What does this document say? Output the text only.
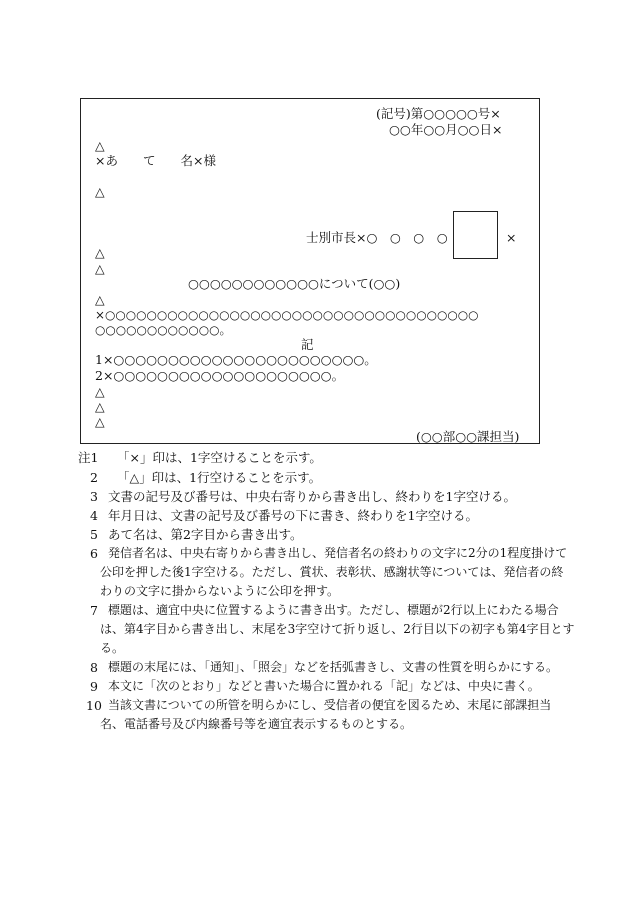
(記号)第○○○○○号×
○○年○○月○○日×
△
×あ　　て　　名×様
△
士別市長×○　○　○　○	×
△
△
○○○○○○○○○○○○について(○○)
△
×○○○○○○○○○○○○○○○○○○○○○○○○○○○○○○○○○○○○
○○○○○○○○○○○○。
記
1×○○○○○○○○○○○○○○○○○○○○○○○。
2×○○○○○○○○○○○○○○○○○○○○。
△
△
△
(○○部○○課担当)
注1 「×」印は、1字空けることを示す。
2 「△」印は、1行空けることを示す。
3 文書の記号及び番号は、中央右寄りから書き出し、終わりを1字空ける。
4 年月日は、文書の記号及び番号の下に書き、終わりを1字空ける。
5 あて名は、第2字目から書き出す。
6 発信者名は、中央右寄りから書き出し、発信者名の終わりの文字に2分の1程度掛けて
公印を押した後1字空ける。ただし、賞状、表彰状、感謝状等については、発信者の終
わりの文字に掛からないように公印を押す。
7 標題は、適宜中央に位置するように書き出す。ただし、標題が2行以上にわたる場合
は、第4字目から書き出し、末尾を3字空けて折り返し、2行目以下の初字も第4字目とす
る。
8 標題の末尾には、「通知」、「照会」などを括弧書きし、文書の性質を明らかにする。
9 本文に「次のとおり」などと書いた場合に置かれる「記」などは、中央に書く。
10 当該文書についての所管を明らかにし、受信者の便宜を図るため、末尾に部課担当
名、電話番号及び内線番号等を適宜表示するものとする。
